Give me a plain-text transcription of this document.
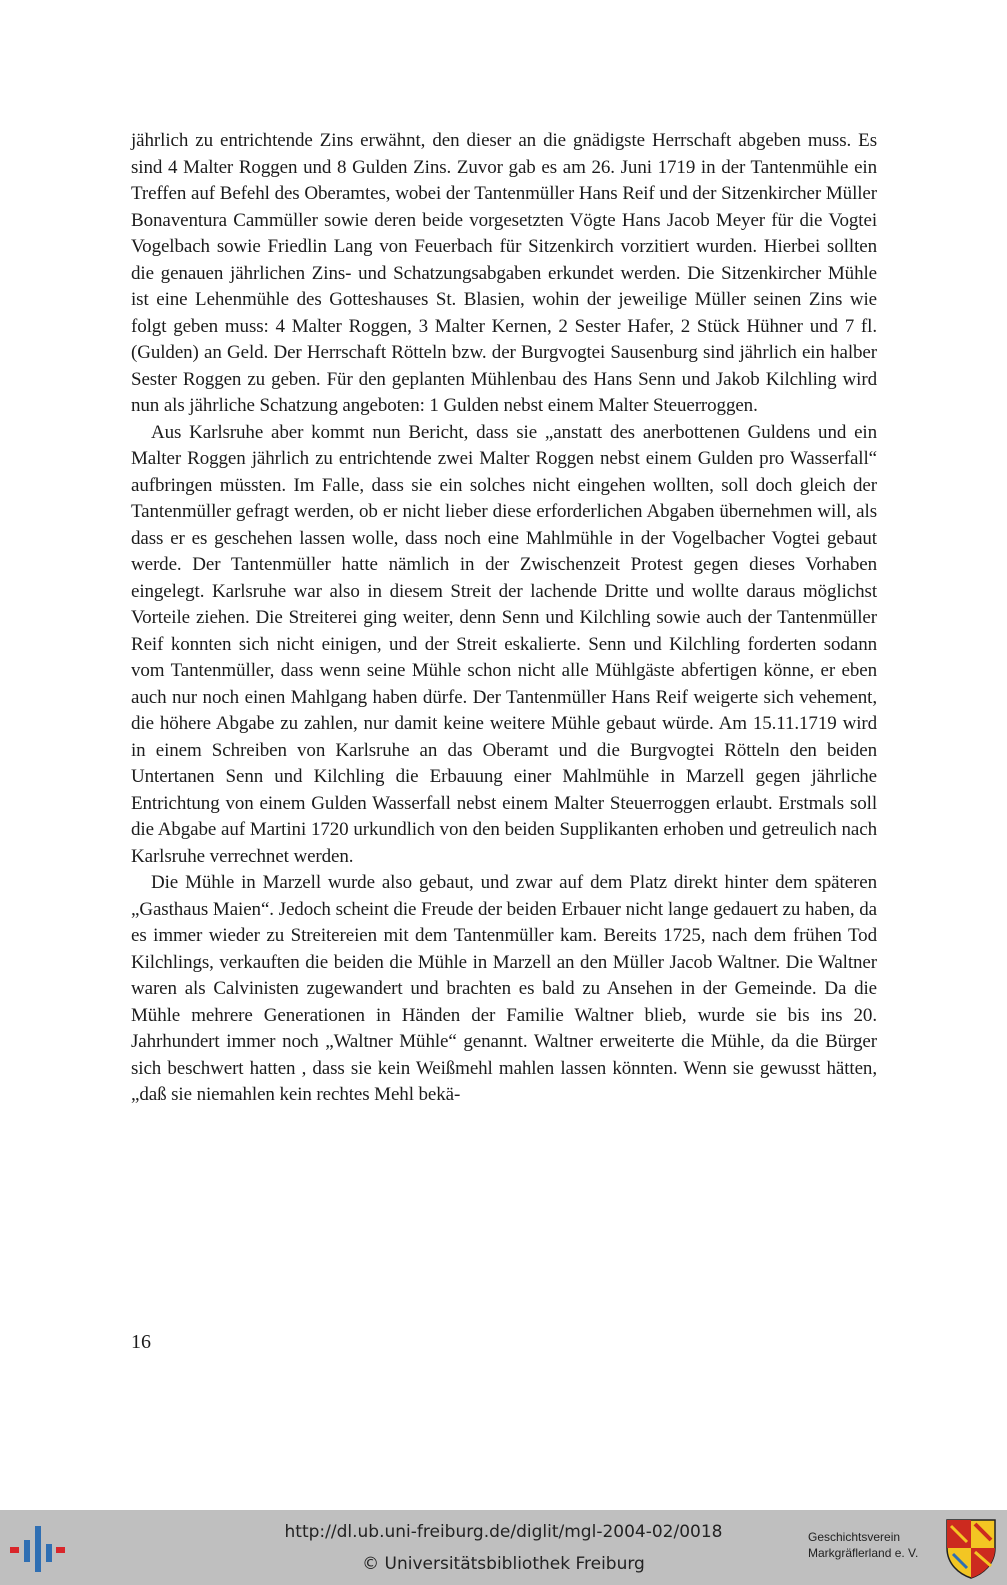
jährlich zu entrichtende Zins erwähnt, den dieser an die gnädigste Herrschaft abgeben muss. Es sind 4 Malter Roggen und 8 Gulden Zins. Zuvor gab es am 26. Juni 1719 in der Tantenmühle ein Treffen auf Befehl des Oberamtes, wobei der Tantenmüller Hans Reif und der Sitzenkircher Müller Bonaventura Cammüller sowie deren beide vorgesetzten Vögte Hans Jacob Meyer für die Vogtei Vogelbach sowie Friedlin Lang von Feuerbach für Sitzenkirch vorzitiert wurden. Hierbei sollten die genauen jährlichen Zins- und Schatzungsabgaben erkundet werden. Die Sitzenkircher Mühle ist eine Lehenmühle des Gotteshauses St. Blasien, wohin der jeweilige Müller seinen Zins wie folgt geben muss: 4 Malter Roggen, 3 Malter Kernen, 2 Sester Hafer, 2 Stück Hühner und 7 fl. (Gulden) an Geld. Der Herrschaft Rötteln bzw. der Burgvogtei Sausenburg sind jährlich ein halber Sester Roggen zu geben. Für den geplanten Mühlenbau des Hans Senn und Jakob Kilchling wird nun als jährliche Schatzung angeboten: 1 Gulden nebst einem Malter Steuerroggen.

Aus Karlsruhe aber kommt nun Bericht, dass sie „anstatt des anerbottenen Guldens und ein Malter Roggen jährlich zu entrichtende zwei Malter Roggen nebst einem Gulden pro Wasserfall“ aufbringen müssten. Im Falle, dass sie ein solches nicht eingehen wollten, soll doch gleich der Tantenmüller gefragt werden, ob er nicht lieber diese erforderlichen Abgaben übernehmen will, als dass er es geschehen lassen wolle, dass noch eine Mahlmühle in der Vogelbacher Vogtei gebaut werde. Der Tantenmüller hatte nämlich in der Zwischenzeit Protest gegen dieses Vorhaben eingelegt. Karlsruhe war also in diesem Streit der lachende Dritte und wollte daraus möglichst Vorteile ziehen. Die Streiterei ging weiter, denn Senn und Kilchling sowie auch der Tantenmüller Reif konnten sich nicht einigen, und der Streit eskalierte. Senn und Kilchling forderten sodann vom Tantenmüller, dass wenn seine Mühle schon nicht alle Mühlgäste abfertigen könne, er eben auch nur noch einen Mahlgang haben dürfe. Der Tantenmüller Hans Reif weigerte sich vehement, die höhere Abgabe zu zahlen, nur damit keine weitere Mühle gebaut würde. Am 15.11.1719 wird in einem Schreiben von Karlsruhe an das Oberamt und die Burgvogtei Rötteln den beiden Untertanen Senn und Kilchling die Erbauung einer Mahlmühle in Marzell gegen jährliche Entrichtung von einem Gulden Wasserfall nebst einem Malter Steuerroggen erlaubt. Erstmals soll die Abgabe auf Martini 1720 urkundlich von den beiden Supplikanten erhoben und getreulich nach Karlsruhe verrechnet werden.

Die Mühle in Marzell wurde also gebaut, und zwar auf dem Platz direkt hinter dem späteren „Gasthaus Maien“. Jedoch scheint die Freude der beiden Erbauer nicht lange gedauert zu haben, da es immer wieder zu Streitereien mit dem Tantenmüller kam. Bereits 1725, nach dem frühen Tod Kilchlings, verkauften die beiden die Mühle in Marzell an den Müller Jacob Waltner. Die Waltner waren als Calvinisten zugewandert und brachten es bald zu Ansehen in der Gemeinde. Da die Mühle mehrere Generationen in Händen der Familie Waltner blieb, wurde sie bis ins 20. Jahrhundert immer noch „Waltner Mühle“ genannt. Waltner erweiterte die Mühle, da die Bürger sich beschwert hatten , dass sie kein Weißmehl mahlen lassen könnten. Wenn sie gewusst hätten, „daß sie niemahlen kein rechtes Mehl bekä-

16
http://dl.ub.uni-freiburg.de/diglit/mgl-2004-02/0018
© Universitätsbibliothek Freiburg
Geschichtsverein
Markgräflerland e. V.
